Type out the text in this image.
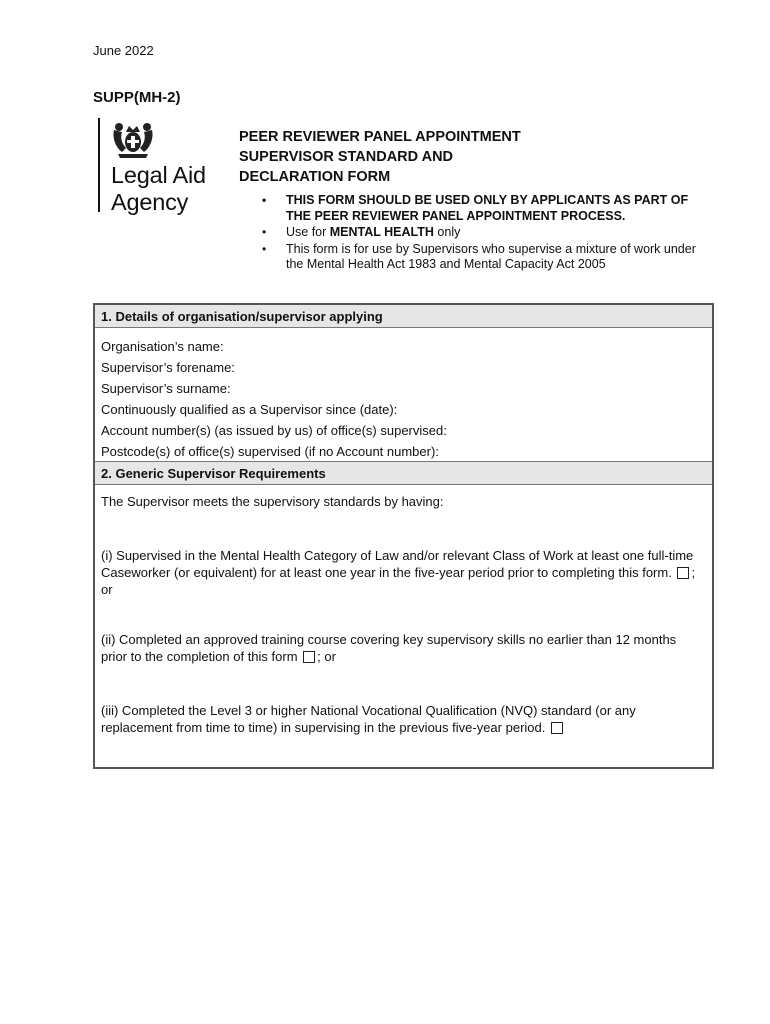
June 2022
SUPP(MH-2)
Legal Aid
Agency
PEER REVIEWER PANEL APPOINTMENT
SUPERVISOR STANDARD AND
DECLARATION FORM
• THIS FORM SHOULD BE USED ONLY BY APPLICANTS AS PART OF THE PEER REVIEWER PANEL APPOINTMENT PROCESS.
• Use for MENTAL HEALTH only
• This form is for use by Supervisors who supervise a mixture of work under the Mental Health Act 1983 and Mental Capacity Act 2005
1. Details of organisation/supervisor applying
Organisation’s name:
Supervisor’s forename:
Supervisor’s surname:
Continuously qualified as a Supervisor since (date):
Account number(s) (as issued by us) of office(s) supervised:
Postcode(s) of office(s) supervised (if no Account number):
2. Generic Supervisor Requirements
The Supervisor meets the supervisory standards by having:
(i) Supervised in the Mental Health Category of Law and/or relevant Class of Work at least one full-time Caseworker (or equivalent) for at least one year in the five-year period prior to completing this form. ; or
(ii) Completed an approved training course covering key supervisory skills no earlier than 12 months prior to the completion of this form ; or
(iii) Completed the Level 3 or higher National Vocational Qualification (NVQ) standard (or any replacement from time to time) in supervising in the previous five-year period.
